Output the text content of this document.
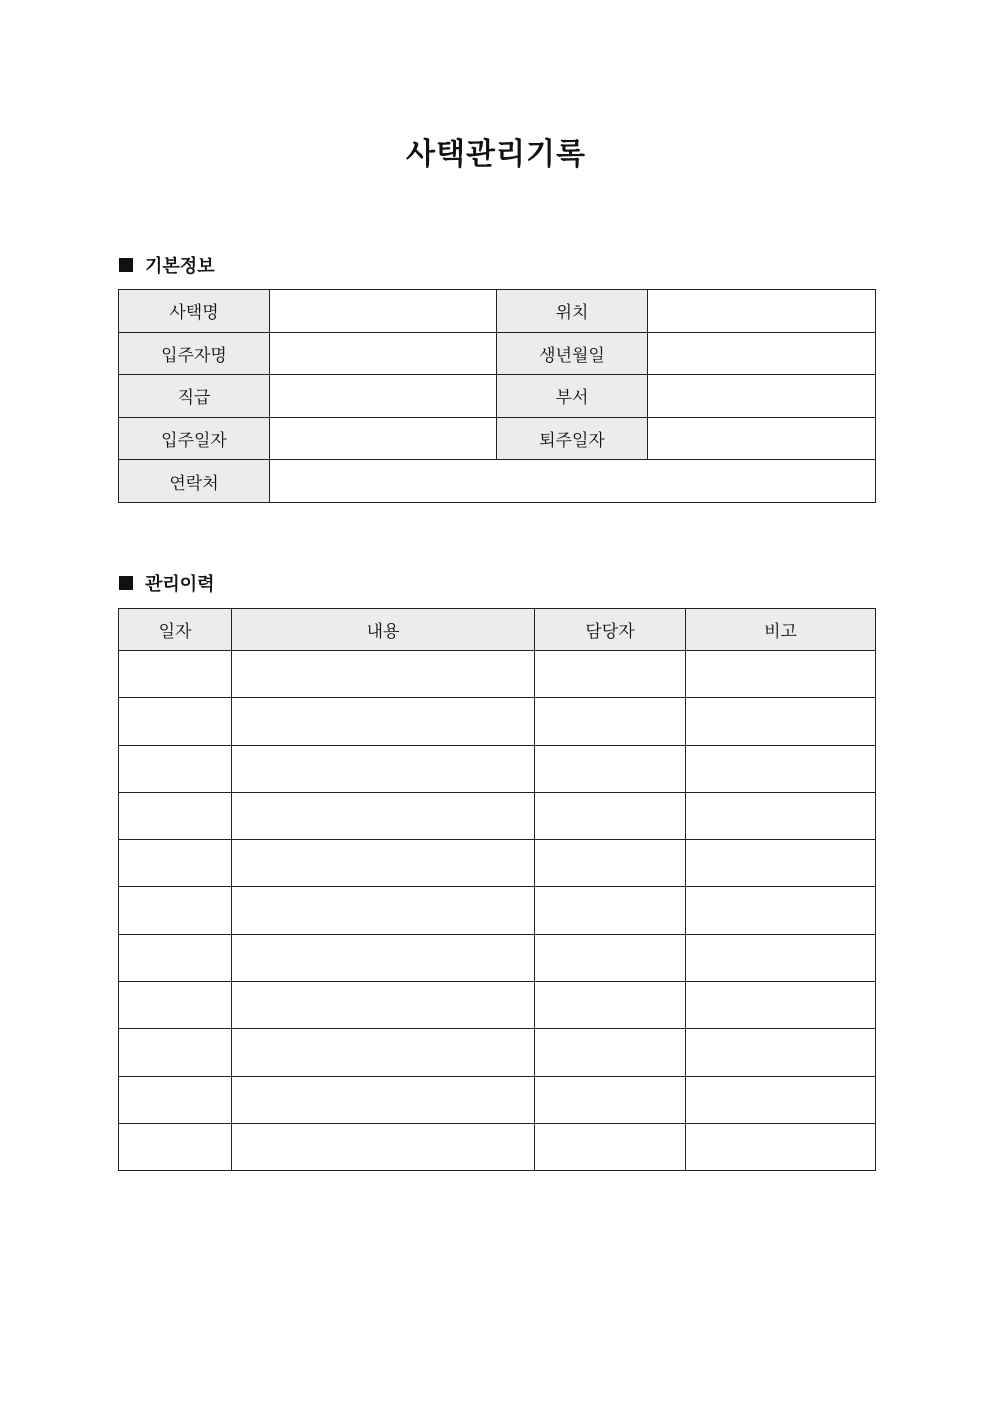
사택관리기록
기본정보
사택명		위치	
입주자명		생년월일	
직급		부서	
입주일자		퇴주일자	
연락처			
관리이력
일자	내용	담당자	비고
